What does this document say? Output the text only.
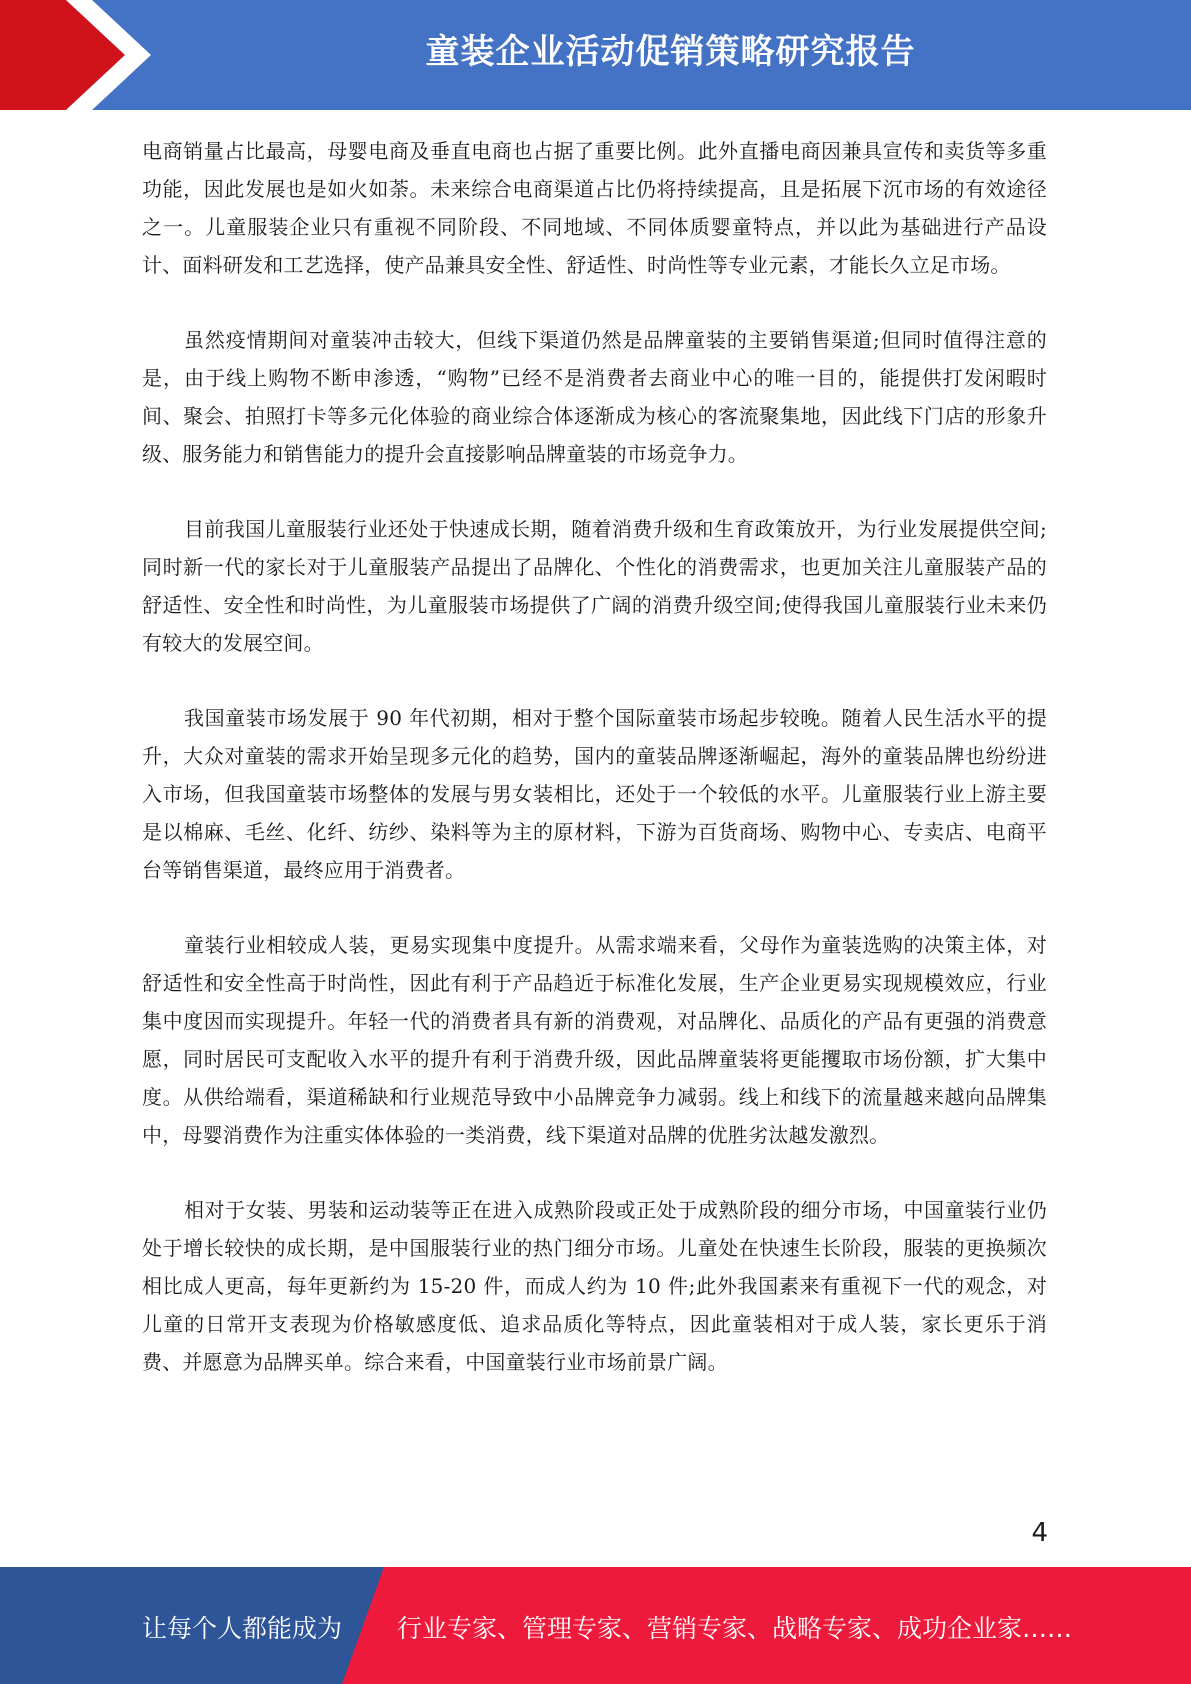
童装企业活动促销策略研究报告

电商销量占比最高，母婴电商及垂直电商也占据了重要比例。此外直播电商因兼具宣传和卖货等多重功能，因此发展也是如火如荼。未来综合电商渠道占比仍将持续提高，且是拓展下沉市场的有效途径之一。儿童服装企业只有重视不同阶段、不同地域、不同体质婴童特点，并以此为基础进行产品设计、面料研发和工艺选择，使产品兼具安全性、舒适性、时尚性等专业元素，才能长久立足市场。

虽然疫情期间对童装冲击较大，但线下渠道仍然是品牌童装的主要销售渠道;但同时值得注意的是，由于线上购物不断申渗透，“购物”已经不是消费者去商业中心的唯一目的，能提供打发闲暇时间、聚会、拍照打卡等多元化体验的商业综合体逐渐成为核心的客流聚集地，因此线下门店的形象升级、服务能力和销售能力的提升会直接影响品牌童装的市场竞争力。

目前我国儿童服装行业还处于快速成长期，随着消费升级和生育政策放开，为行业发展提供空间;同时新一代的家长对于儿童服装产品提出了品牌化、个性化的消费需求，也更加关注儿童服装产品的舒适性、安全性和时尚性，为儿童服装市场提供了广阔的消费升级空间;使得我国儿童服装行业未来仍有较大的发展空间。

我国童装市场发展于 90 年代初期，相对于整个国际童装市场起步较晚。随着人民生活水平的提升，大众对童装的需求开始呈现多元化的趋势，国内的童装品牌逐渐崛起，海外的童装品牌也纷纷进入市场，但我国童装市场整体的发展与男女装相比，还处于一个较低的水平。儿童服装行业上游主要是以棉麻、毛丝、化纤、纺纱、染料等为主的原材料，下游为百货商场、购物中心、专卖店、电商平台等销售渠道，最终应用于消费者。

童装行业相较成人装，更易实现集中度提升。从需求端来看，父母作为童装选购的决策主体，对舒适性和安全性高于时尚性，因此有利于产品趋近于标准化发展，生产企业更易实现规模效应，行业集中度因而实现提升。年轻一代的消费者具有新的消费观，对品牌化、品质化的产品有更强的消费意愿，同时居民可支配收入水平的提升有利于消费升级，因此品牌童装将更能攫取市场份额，扩大集中度。从供给端看，渠道稀缺和行业规范导致中小品牌竞争力减弱。线上和线下的流量越来越向品牌集中，母婴消费作为注重实体体验的一类消费，线下渠道对品牌的优胜劣汰越发激烈。

相对于女装、男装和运动装等正在进入成熟阶段或正处于成熟阶段的细分市场，中国童装行业仍处于增长较快的成长期，是中国服装行业的热门细分市场。儿童处在快速生长阶段，服装的更换频次相比成人更高，每年更新约为 15-20 件，而成人约为 10 件;此外我国素来有重视下一代的观念，对儿童的日常开支表现为价格敏感度低、追求品质化等特点，因此童装相对于成人装，家长更乐于消费、并愿意为品牌买单。综合来看，中国童装行业市场前景广阔。

4
让每个人都能成为 行业专家、管理专家、营销专家、战略专家、成功企业家……
